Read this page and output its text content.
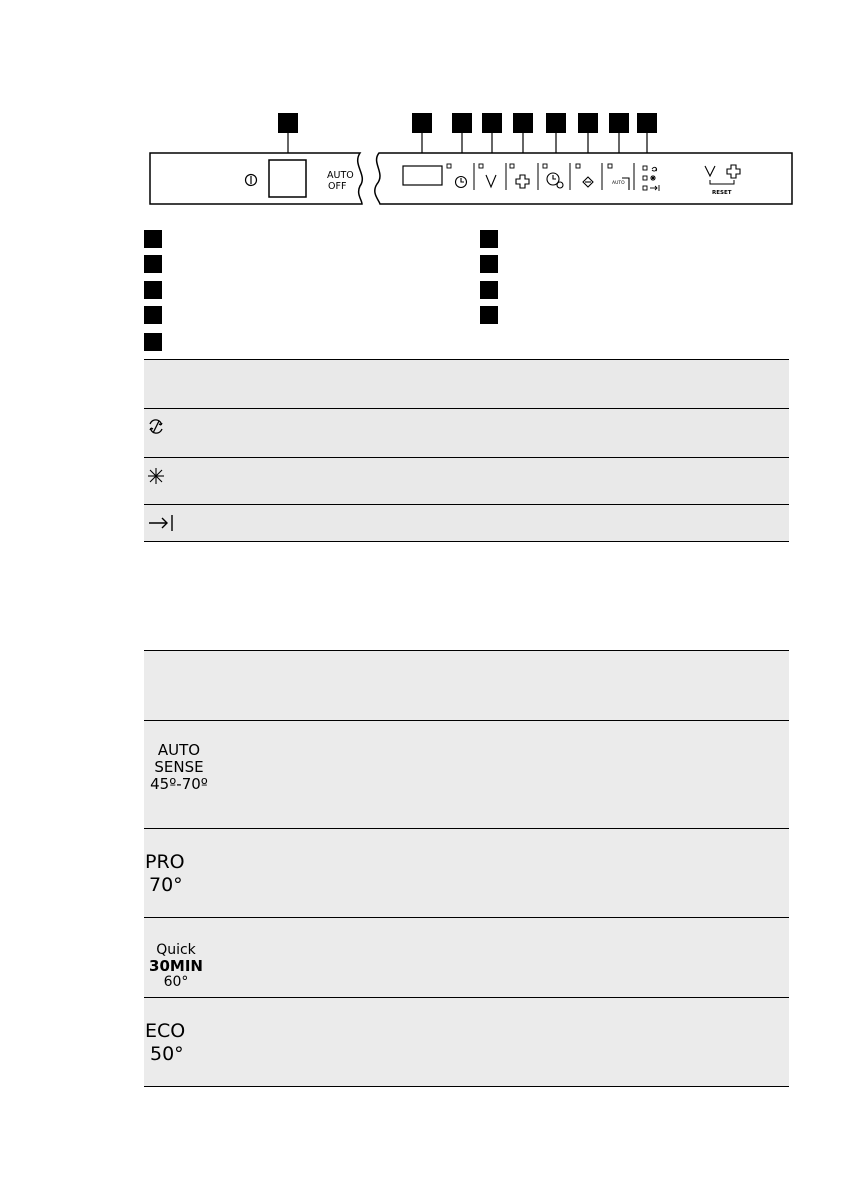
AUTO
OFF	AUTO
RESET
AUTO
SENSE
45º-70º
PRO
70°
Quick
30MIN
60°
ECO
50°
